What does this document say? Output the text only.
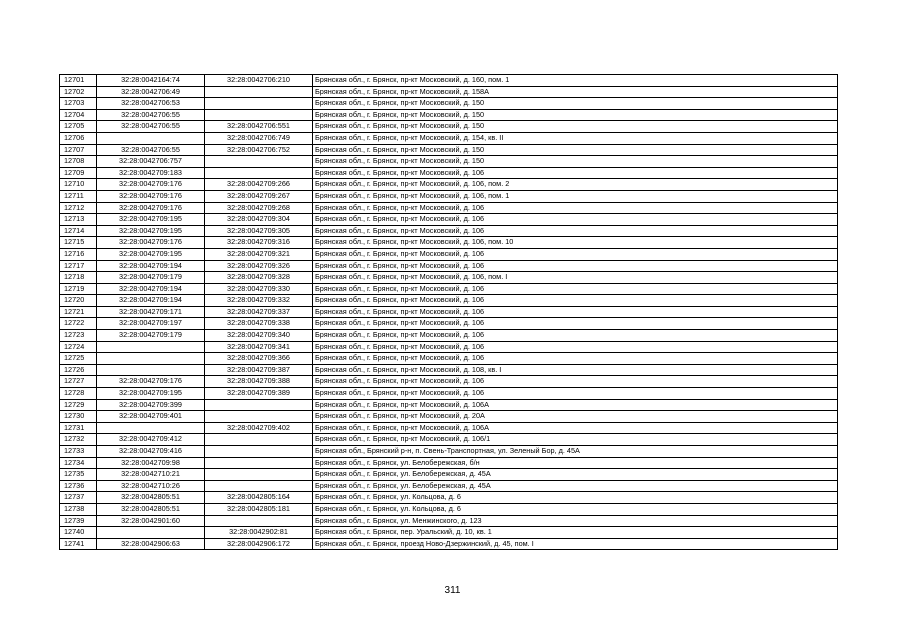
12701	32:28:0042164:74	32:28:0042706:210	Брянская обл., г. Брянск, пр-кт Московский, д. 160, пом. 1
12702	32:28:0042706:49		Брянская обл., г. Брянск, пр-кт Московский, д. 158А
12703	32:28:0042706:53		Брянская обл., г. Брянск, пр-кт Московский, д. 150
12704	32:28:0042706:55		Брянская обл., г. Брянск, пр-кт Московский, д. 150
12705	32:28:0042706:55	32:28:0042706:551	Брянская обл., г. Брянск, пр-кт Московский, д. 150
12706		32:28:0042706:749	Брянская обл., г. Брянск, пр-кт Московский, д. 154, кв. II
12707	32:28:0042706:55	32:28:0042706:752	Брянская обл., г. Брянск, пр-кт Московский, д. 150
12708	32:28:0042706:757		Брянская обл., г. Брянск, пр-кт Московский, д. 150
12709	32:28:0042709:183		Брянская обл., г. Брянск, пр-кт Московский, д. 106
12710	32:28:0042709:176	32:28:0042709:266	Брянская обл., г. Брянск, пр-кт Московский, д. 106, пом. 2
12711	32:28:0042709:176	32:28:0042709:267	Брянская обл., г. Брянск, пр-кт Московский, д. 106, пом. 1
12712	32:28:0042709:176	32:28:0042709:268	Брянская обл., г. Брянск, пр-кт Московский, д. 106
12713	32:28:0042709:195	32:28:0042709:304	Брянская обл., г. Брянск, пр-кт Московский, д. 106
12714	32:28:0042709:195	32:28:0042709:305	Брянская обл., г. Брянск, пр-кт Московский, д. 106
12715	32:28:0042709:176	32:28:0042709:316	Брянская обл., г. Брянск, пр-кт Московский, д. 106, пом. 10
12716	32:28:0042709:195	32:28:0042709:321	Брянская обл., г. Брянск, пр-кт Московский, д. 106
12717	32:28:0042709:194	32:28:0042709:326	Брянская обл., г. Брянск, пр-кт Московский, д. 106
12718	32:28:0042709:179	32:28:0042709:328	Брянская обл., г. Брянск, пр-кт Московский, д. 106, пом. I
12719	32:28:0042709:194	32:28:0042709:330	Брянская обл., г. Брянск, пр-кт Московский, д. 106
12720	32:28:0042709:194	32:28:0042709:332	Брянская обл., г. Брянск, пр-кт Московский, д. 106
12721	32:28:0042709:171	32:28:0042709:337	Брянская обл., г. Брянск, пр-кт Московский, д. 106
12722	32:28:0042709:197	32:28:0042709:338	Брянская обл., г. Брянск, пр-кт Московский, д. 106
12723	32:28:0042709:179	32:28:0042709:340	Брянская обл., г. Брянск, пр-кт Московский, д. 106
12724		32:28:0042709:341	Брянская обл., г. Брянск, пр-кт Московский, д. 106
12725		32:28:0042709:366	Брянская обл., г. Брянск, пр-кт Московский, д. 106
12726		32:28:0042709:387	Брянская обл., г. Брянск, пр-кт Московский, д. 108, кв. I
12727	32:28:0042709:176	32:28:0042709:388	Брянская обл., г. Брянск, пр-кт Московский, д. 106
12728	32:28:0042709:195	32:28:0042709:389	Брянская обл., г. Брянск, пр-кт Московский, д. 106
12729	32:28:0042709:399		Брянская обл., г. Брянск, пр-кт Московский, д. 106А
12730	32:28:0042709:401		Брянская обл., г. Брянск, пр-кт Московский, д. 20А
12731		32:28:0042709:402	Брянская обл., г. Брянск, пр-кт Московский, д. 106А
12732	32:28:0042709:412		Брянская обл., г. Брянск, пр-кт Московский, д. 106/1
12733	32:28:0042709:416		Брянская обл., Брянский р-н, п. Свень-Транспортная, ул. Зеленый Бор, д. 45А
12734	32:28:0042709:98		Брянская обл., г. Брянск, ул. Белобережская, б/н
12735	32:28:0042710:21		Брянская обл., г. Брянск, ул. Белобережская, д. 45А
12736	32:28:0042710:26		Брянская обл., г. Брянск, ул. Белобережская, д. 45А
12737	32:28:0042805:51	32:28:0042805:164	Брянская обл., г. Брянск, ул. Кольцова, д. 6
12738	32:28:0042805:51	32:28:0042805:181	Брянская обл., г. Брянск, ул. Кольцова, д. 6
12739	32:28:0042901:60		Брянская обл., г. Брянск, ул. Менжинского, д. 123
12740		32:28:0042902:81	Брянская обл., г. Брянск, пер. Уральский, д. 10, кв. 1
12741	32:28:0042906:63	32:28:0042906:172	Брянская обл., г. Брянск, проезд Ново-Дзержинский, д. 45, пом. I
311
